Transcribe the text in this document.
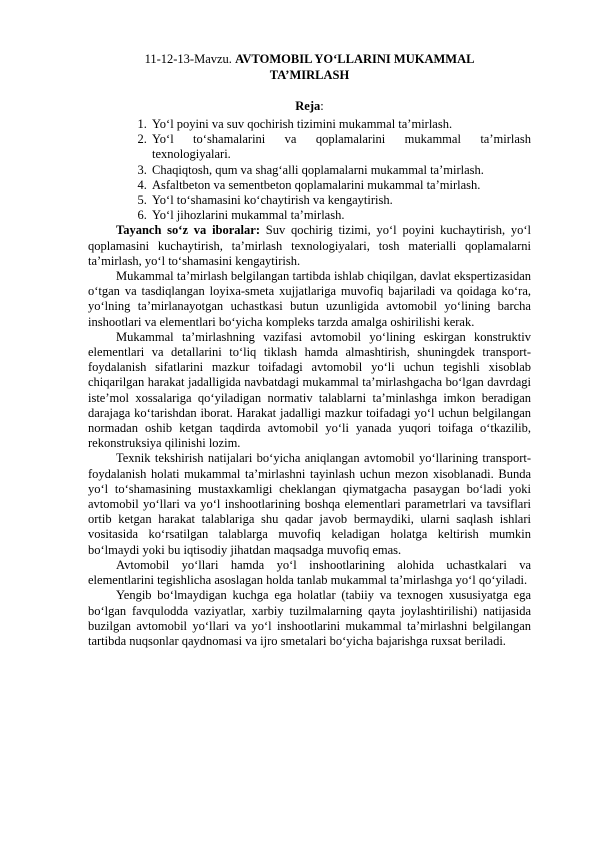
11-12-13-Mavzu. AVTOMOBIL YO‘LLARINI MUKAMMAL
TA’MIRLASH

Reja:
1. Yo‘l poyini va suv qochirish tizimini mukammal ta’mirlash.
2. Yo‘l to‘shamalarini va qoplamalarini mukammal ta’mirlash texnologiyalari.
3. Chaqiqtosh, qum va shag‘alli qoplamalarni mukammal ta’mirlash.
4. Asfaltbeton va sementbeton qoplamalarini mukammal ta’mirlash.
5. Yo‘l to‘shamasini ko‘chaytirish va kengaytirish.
6. Yo‘l jihozlarini mukammal ta’mirlash.

Tayanch so‘z va iboralar: Suv qochirig tizimi, yo‘l poyini kuchaytirish, yo‘l qoplamasini kuchaytirish, ta’mirlash texnologiyalari, tosh materialli qoplamalarni ta’mirlash, yo‘l to‘shamasini kengaytirish.

Mukammal ta’mirlash belgilangan tartibda ishlab chiqilgan, davlat ekspertizasidan o‘tgan va tasdiqlangan loyixa-smeta xujjatlariga muvofiq bajariladi va qoidaga ko‘ra, yo‘lning ta’mirlanayotgan uchastkasi butun uzunligida avtomobil yo‘lining barcha inshootlari va elementlari bo‘yicha kompleks tarzda amalga oshirilishi kerak.

Mukammal ta’mirlashning vazifasi avtomobil yo‘lining eskirgan konstruktiv elementlari va detallarini to‘liq tiklash hamda almashtirish, shuningdek transport-foydalanish sifatlarini mazkur toifadagi avtomobil yo‘li uchun tegishli xisoblab chiqarilgan harakat jadalligida navbatdagi mukammal ta’mirlashgacha bo‘lgan davrdagi iste’mol xossalariga qo‘yiladigan normativ talablarni ta’minlashga imkon beradigan darajaga ko‘tarishdan iborat. Harakat jadalligi mazkur toifadagi yo‘l uchun belgilangan normadan oshib ketgan taqdirda avtomobil yo‘li yanada yuqori toifaga o‘tkazilib, rekonstruksiya qilinishi lozim.

Texnik tekshirish natijalari bo‘yicha aniqlangan avtomobil yo‘llarining transport-foydalanish holati mukammal ta’mirlashni tayinlash uchun mezon xisoblanadi. Bunda yo‘l to‘shamasining mustaxkamligi cheklangan qiymatgacha pasaygan bo‘ladi yoki avtomobil yo‘llari va yo‘l inshootlarining boshqa elementlari parametrlari va tavsiflari ortib ketgan harakat talablariga shu qadar javob bermaydiki, ularni saqlash ishlari vositasida ko‘rsatilgan talablarga muvofiq keladigan holatga keltirish mumkin bo‘lmaydi yoki bu iqtisodiy jihatdan maqsadga muvofiq emas.

Avtomobil yo‘llari hamda yo‘l inshootlarining alohida uchastkalari va elementlarini tegishlicha asoslagan holda tanlab mukammal ta’mirlashga yo‘l qo‘yiladi.

Yengib bo‘lmaydigan kuchga ega holatlar (tabiiy va texnogen xususiyatga ega bo‘lgan favqulodda vaziyatlar, xarbiy tuzilmalarning qayta joylashtirilishi) natijasida buzilgan avtomobil yo‘llari va yo‘l inshootlarini mukammal ta’mirlashni belgilangan tartibda nuqsonlar qaydnomasi va ijro smetalari bo‘yicha bajarishga ruxsat beriladi.
